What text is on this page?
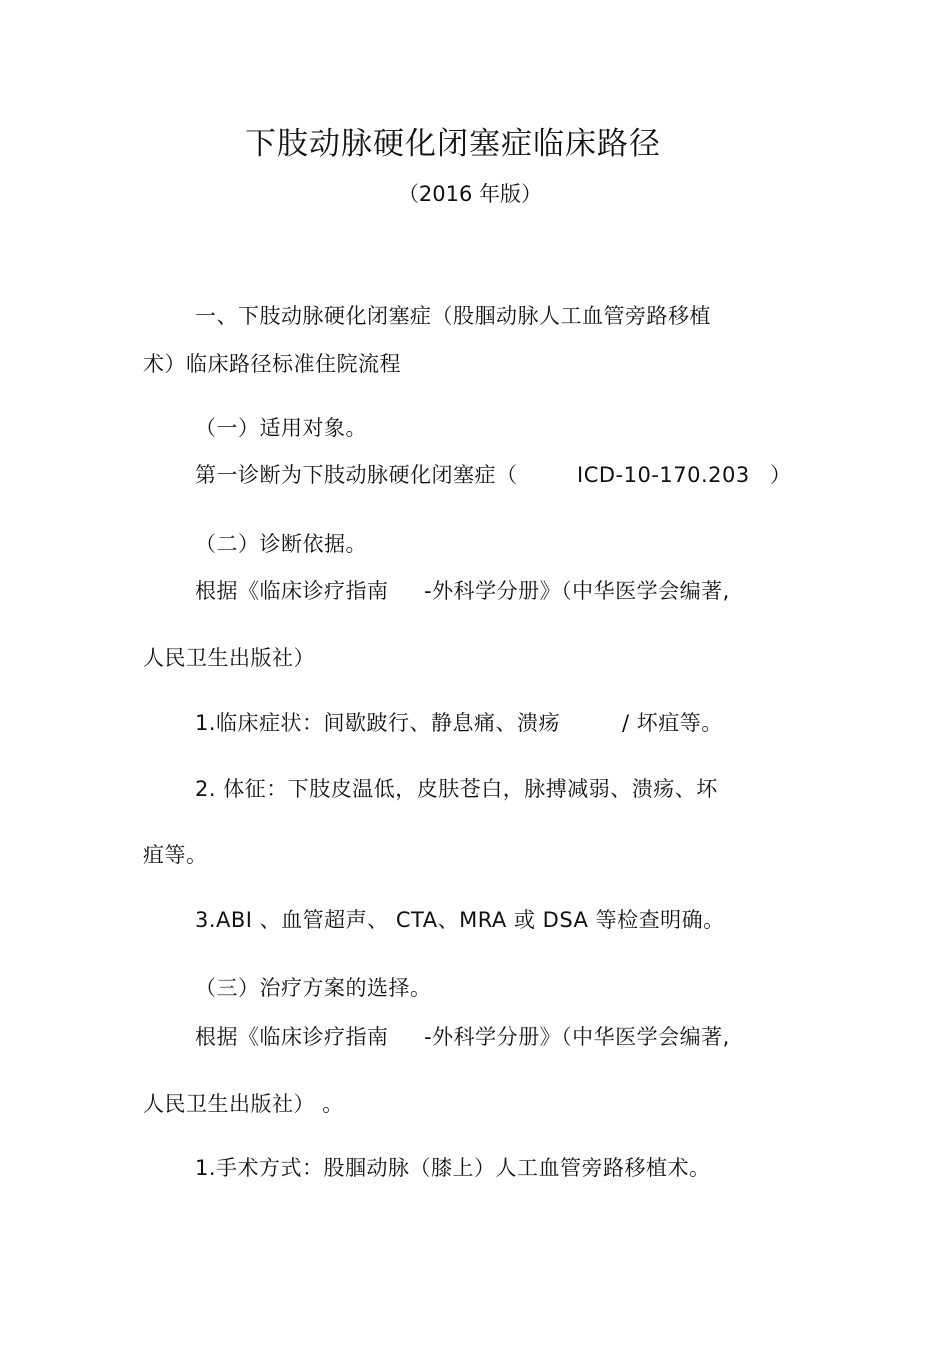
下肢动脉硬化闭塞症临床路径
（2016 年版）
一、下肢动脉硬化闭塞症（股腘动脉人工血管旁路移植
术）临床路径标准住院流程
（一）适用对象。
第一诊断为下肢动脉硬化闭塞症（	ICD-10-170.203 ）
（二）诊断依据。
根据《临床诊疗指南 -外科学分册》（中华医学会编著,
人民卫生出版社）
1.临床症状：间歇跛行、静息痛、溃疡	/ 坏疽等。
2. 体征：下肢皮温低，皮肤苍白，脉搏减弱、溃疡、坏
疽等。
3.ABI 、血管超声、 CTA、MRA 或 DSA 等检查明确。
（三）治疗方案的选择。
根据《临床诊疗指南 -外科学分册》（中华医学会编著,
人民卫生出版社） 。
1.手术方式：股腘动脉（膝上）人工血管旁路移植术。
